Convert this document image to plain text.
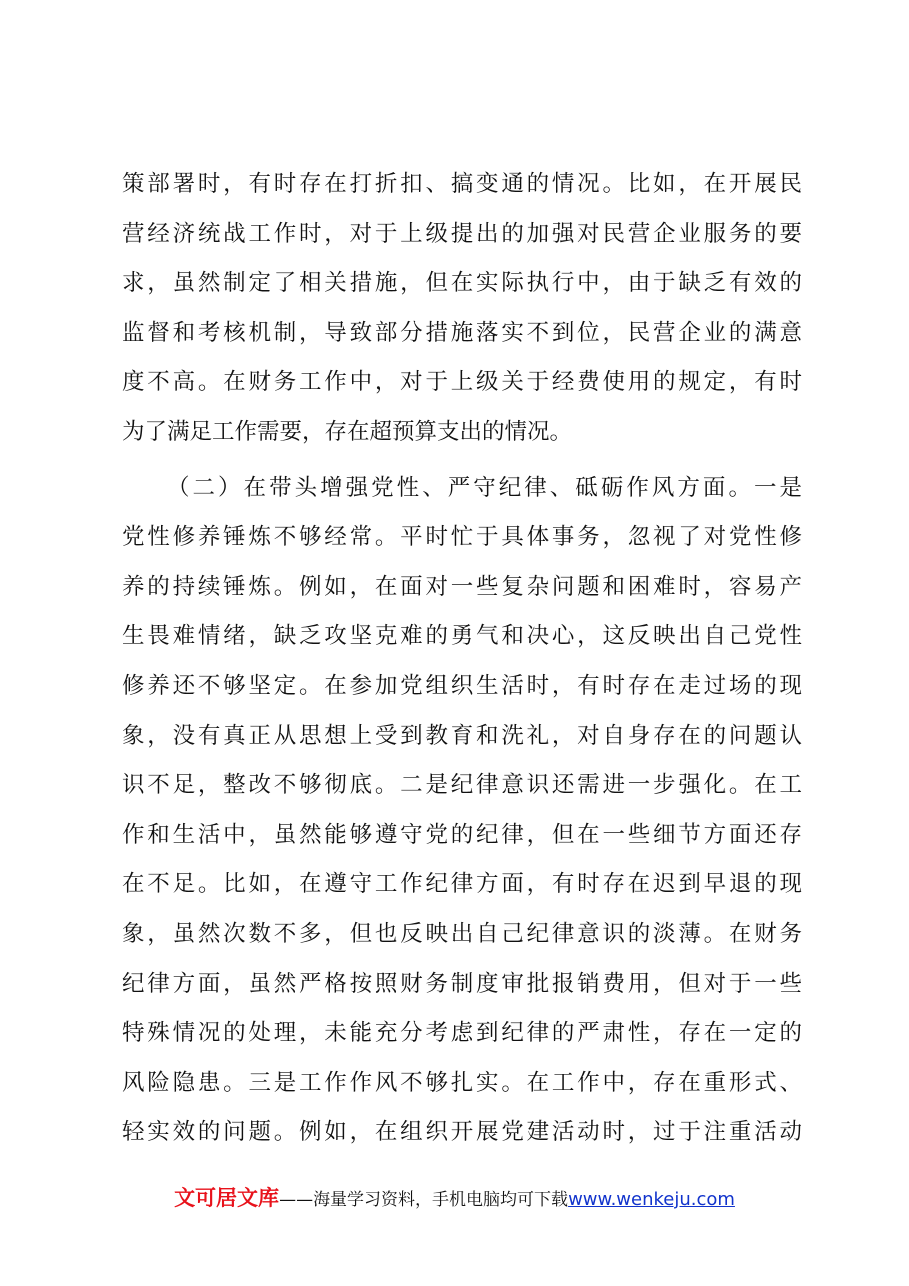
策部署时，有时存在打折扣、搞变通的情况。比如，在开展民
营经济统战工作时，对于上级提出的加强对民营企业服务的要
求，虽然制定了相关措施，但在实际执行中，由于缺乏有效的
监督和考核机制，导致部分措施落实不到位，民营企业的满意
度不高。在财务工作中，对于上级关于经费使用的规定，有时
为了满足工作需要，存在超预算支出的情况。
（二）在带头增强党性、严守纪律、砥砺作风方面。一是
党性修养锤炼不够经常。平时忙于具体事务，忽视了对党性修
养的持续锤炼。例如，在面对一些复杂问题和困难时，容易产
生畏难情绪，缺乏攻坚克难的勇气和决心，这反映出自己党性
修养还不够坚定。在参加党组织生活时，有时存在走过场的现
象，没有真正从思想上受到教育和洗礼，对自身存在的问题认
识不足，整改不够彻底。二是纪律意识还需进一步强化。在工
作和生活中，虽然能够遵守党的纪律，但在一些细节方面还存
在不足。比如，在遵守工作纪律方面，有时存在迟到早退的现
象，虽然次数不多，但也反映出自己纪律意识的淡薄。在财务
纪律方面，虽然严格按照财务制度审批报销费用，但对于一些
特殊情况的处理，未能充分考虑到纪律的严肃性，存在一定的
风险隐患。三是工作作风不够扎实。在工作中，存在重形式、
轻实效的问题。例如，在组织开展党建活动时，过于注重活动
文可居文库——海量学习资料，手机电脑均可下载www.wenkeju.com
